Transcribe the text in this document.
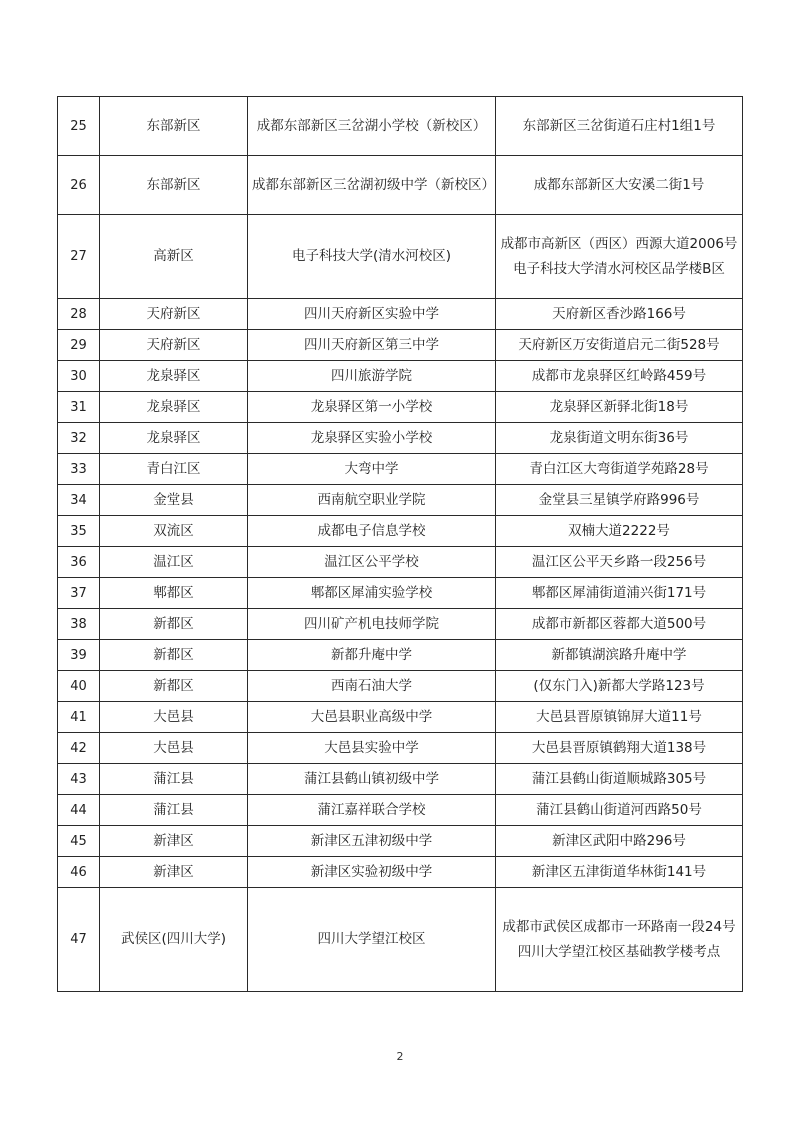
25	东部新区	成都东部新区三岔湖小学校（新校区）	东部新区三岔街道石庄村1组1号
26	东部新区	成都东部新区三岔湖初级中学（新校区）	成都东部新区大安溪二街1号
27	高新区	电子科技大学(清水河校区)	成都市高新区（西区）西源大道2006号电子科技大学清水河校区品学楼B区
28	天府新区	四川天府新区实验中学	天府新区香沙路166号
29	天府新区	四川天府新区第三中学	天府新区万安街道启元二街528号
30	龙泉驿区	四川旅游学院	成都市龙泉驿区红岭路459号
31	龙泉驿区	龙泉驿区第一小学校	龙泉驿区新驿北街18号
32	龙泉驿区	龙泉驿区实验小学校	龙泉街道文明东街36号
33	青白江区	大弯中学	青白江区大弯街道学苑路28号
34	金堂县	西南航空职业学院	金堂县三星镇学府路996号
35	双流区	成都电子信息学校	双楠大道2222号
36	温江区	温江区公平学校	温江区公平天乡路一段256号
37	郫都区	郫都区犀浦实验学校	郫都区犀浦街道浦兴街171号
38	新都区	四川矿产机电技师学院	成都市新都区蓉都大道500号
39	新都区	新都升庵中学	新都镇湖滨路升庵中学
40	新都区	西南石油大学	(仅东门入)新都大学路123号
41	大邑县	大邑县职业高级中学	大邑县晋原镇锦屏大道11号
42	大邑县	大邑县实验中学	大邑县晋原镇鹤翔大道138号
43	蒲江县	蒲江县鹤山镇初级中学	蒲江县鹤山街道顺城路305号
44	蒲江县	蒲江嘉祥联合学校	蒲江县鹤山街道河西路50号
45	新津区	新津区五津初级中学	新津区武阳中路296号
46	新津区	新津区实验初级中学	新津区五津街道华林街141号
47	武侯区(四川大学)	四川大学望江校区	成都市武侯区成都市一环路南一段24号四川大学望江校区基础教学楼考点
2
